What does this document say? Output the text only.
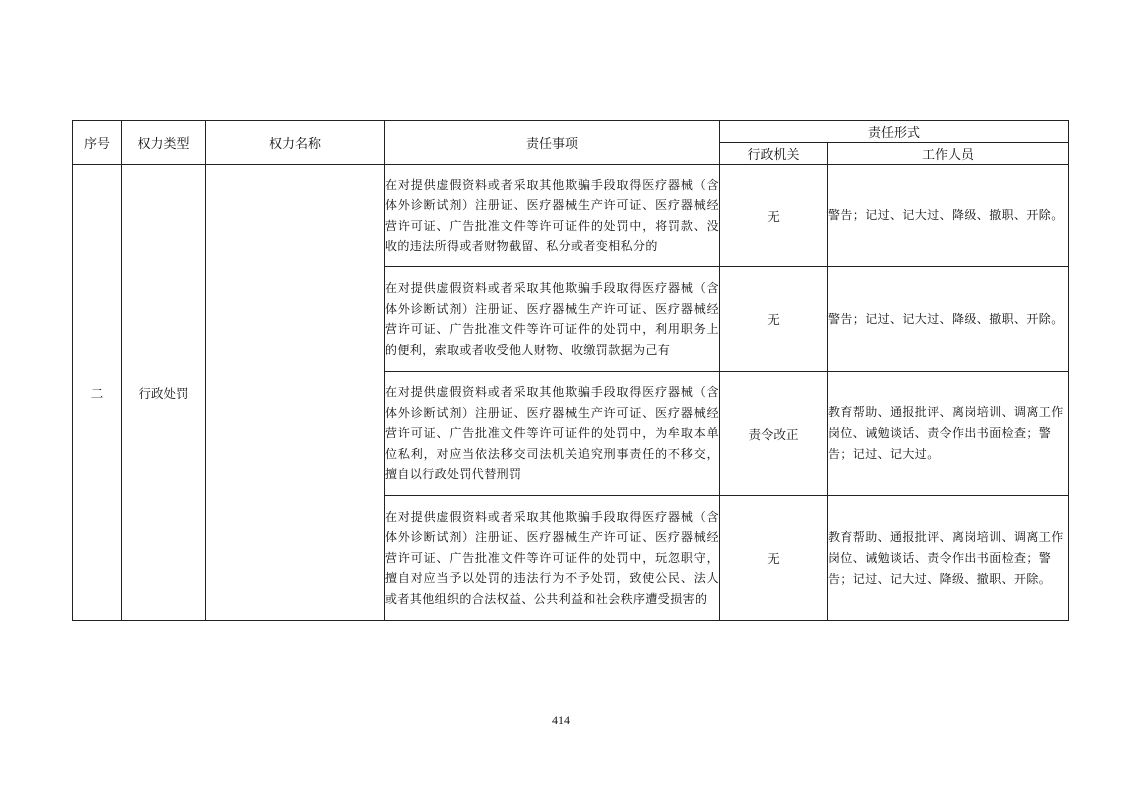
序号	权力类型	权力名称	责任事项	责任形式	
				行政机关	工作人员
二	行政处罚		在对提供虚假资料或者采取其他欺骗手段取得医疗器械（含体外诊断试剂）注册证、医疗器械生产许可证、医疗器械经营许可证、广告批准文件等许可证件的处罚中，将罚款、没收的违法所得或者财物截留、私分或者变相私分的	无	警告；记过、记大过、降级、撤职、开除。
			在对提供虚假资料或者采取其他欺骗手段取得医疗器械（含体外诊断试剂）注册证、医疗器械生产许可证、医疗器械经营许可证、广告批准文件等许可证件的处罚中，利用职务上的便利，索取或者收受他人财物、收缴罚款据为己有	无	警告；记过、记大过、降级、撤职、开除。
			在对提供虚假资料或者采取其他欺骗手段取得医疗器械（含体外诊断试剂）注册证、医疗器械生产许可证、医疗器械经营许可证、广告批准文件等许可证件的处罚中，为牟取本单位私利，对应当依法移交司法机关追究刑事责任的不移交，擅自以行政处罚代替刑罚	责令改正	教育帮助、通报批评、离岗培训、调离工作岗位、诫勉谈话、责令作出书面检查；警告；记过、记大过。
			在对提供虚假资料或者采取其他欺骗手段取得医疗器械（含体外诊断试剂）注册证、医疗器械生产许可证、医疗器械经营许可证、广告批准文件等许可证件的处罚中，玩忽职守，擅自对应当予以处罚的违法行为不予处罚，致使公民、法人或者其他组织的合法权益、公共利益和社会秩序遭受损害的	无	教育帮助、通报批评、离岗培训、调离工作岗位、诫勉谈话、责令作出书面检查；警告；记过、记大过、降级、撤职、开除。
414
